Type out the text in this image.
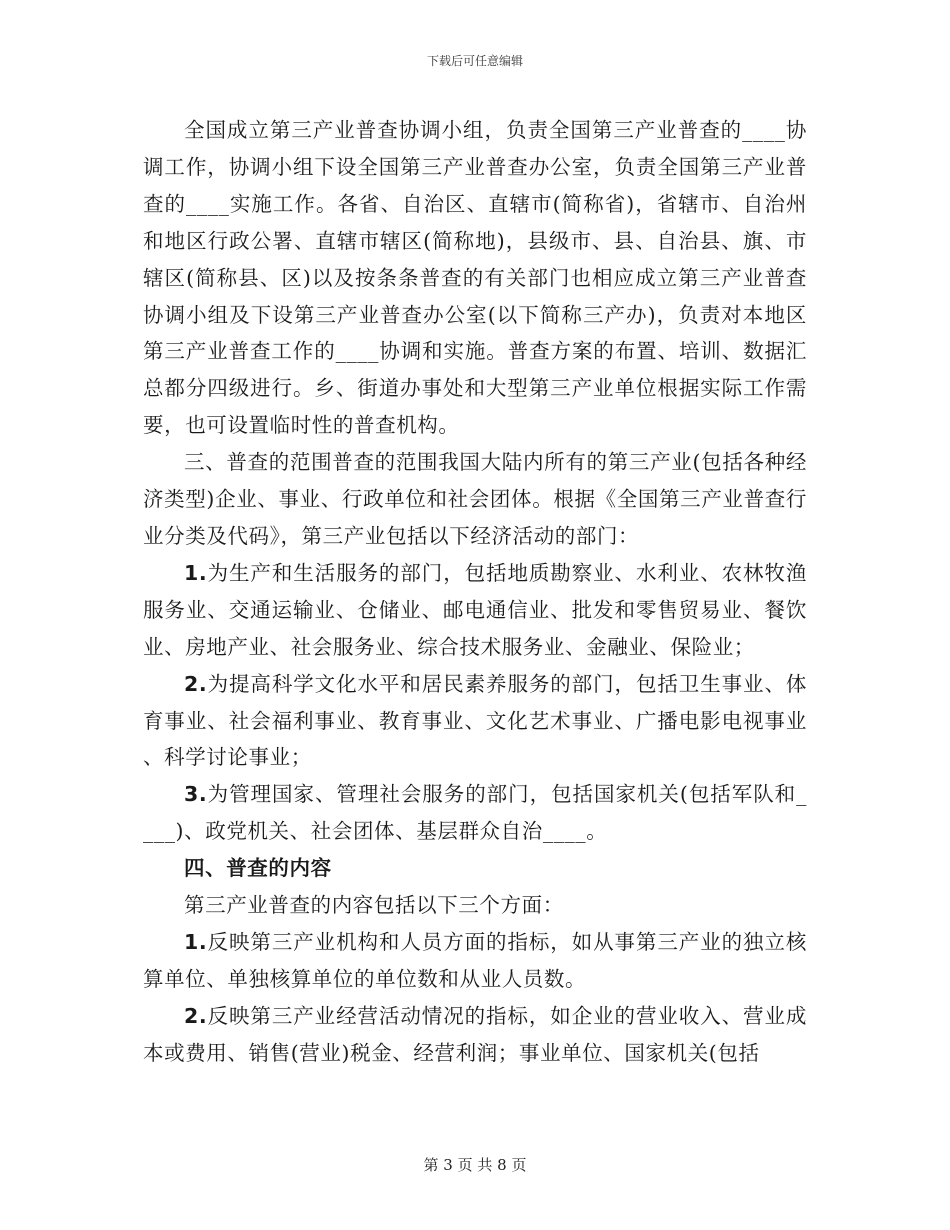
下载后可任意编辑

全国成立第三产业普查协调小组，负责全国第三产业普查的____协调工作，协调小组下设全国第三产业普查办公室，负责全国第三产业普查的____实施工作。各省、自治区、直辖市(简称省)，省辖市、自治州和地区行政公署、直辖市辖区(简称地)，县级市、县、自治县、旗、市辖区(简称县、区)以及按条条普查的有关部门也相应成立第三产业普查协调小组及下设第三产业普查办公室(以下简称三产办)，负责对本地区第三产业普查工作的____协调和实施。普查方案的布置、培训、数据汇总都分四级进行。乡、街道办事处和大型第三产业单位根据实际工作需要，也可设置临时性的普查机构。

三、普查的范围普查的范围我国大陆内所有的第三产业(包括各种经济类型)企业、事业、行政单位和社会团体。根据《全国第三产业普查行业分类及代码》，第三产业包括以下经济活动的部门：

1.为生产和生活服务的部门，包括地质勘察业、水利业、农林牧渔服务业、交通运输业、仓储业、邮电通信业、批发和零售贸易业、餐饮业、房地产业、社会服务业、综合技术服务业、金融业、保险业；

2.为提高科学文化水平和居民素养服务的部门，包括卫生事业、体育事业、社会福利事业、教育事业、文化艺术事业、广播电影电视事业、科学讨论事业；

3.为管理国家、管理社会服务的部门，包括国家机关(包括军队和____)、政党机关、社会团体、基层群众自治____。

四、普查的内容

第三产业普查的内容包括以下三个方面：

1.反映第三产业机构和人员方面的指标，如从事第三产业的独立核算单位、单独核算单位的单位数和从业人员数。

2.反映第三产业经营活动情况的指标，如企业的营业收入、营业成本或费用、销售(营业)税金、经营利润；事业单位、国家机关(包括

第 3 页 共 8 页
